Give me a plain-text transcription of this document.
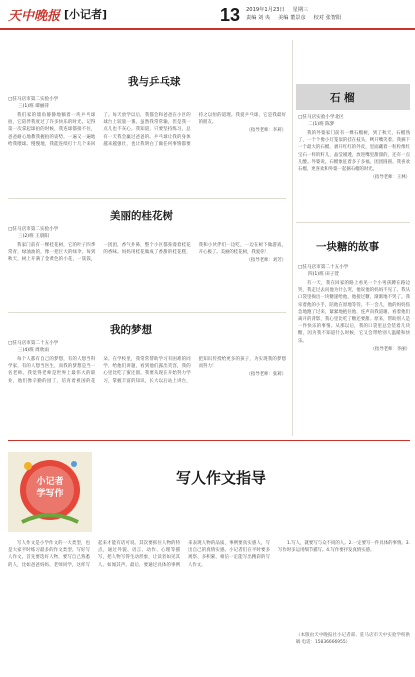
天中晚报 [小记者]	13 2019年1月23日 星期三
责编 刘 央 美编 董景彦 校对 张智阳
我与乒乓球
□驻马店市第二实验小学
三(1)班 谭丽萍

我们家的墙角静静地躺着一块乒乓球拍，它陪伴我度过了许多快乐的时光。记得第一次拿起球拍的时候，我连球都接不住，爸爸耐心地教我握拍的姿势，一遍又一遍地给我喂球。慢慢地，我能连续打十几个来回了。每天放学以后，我都会和爸爸在小区的球台上较量一番。虽然我常常输，但是我一点儿也不灰心。我知道，只要坚持练习，总有一天我会赢过爸爸的。乒乓球让我的身体越来越强壮，也让我明白了做任何事情都要持之以恒的道理。我爱乒乓球，它是我最好的朋友。

（指导老师：李莉）

美丽的桂花树
□驻马店市第二实验小学
三(2)班 王晨阳

我家门前有一棵桂花树，它的叶子四季常青，绿油油的，像一把巨大的绿伞。每到秋天，树上开满了金黄色的小花，一簇簇，一团团，香气扑鼻，整个小区都弥漫着桂花的香味。妈妈用桂花做成了香甜的桂花糕，我和小伙伴们一边吃，一边在树下做游戏，开心极了。美丽的桂花树，我爱你！

（指导老师：刘芳）

我的梦想
□驻马店市第二十五小学
三(4)班 周欣雨

每个人都有自己的梦想，有的人想当科学家，有的人想当医生，而我的梦想是当一名老师。我觉得老师是世界上最伟大的职业，他们像辛勤的园丁，培育着祖国的花朵。在学校里，我常常帮助学习有困难的同学，给他们讲题，看到他们露出笑容，我的心里比吃了蜜还甜。我要从现在开始努力学习，掌握丰富的知识，长大以后站上讲台，把知识传授给更多的孩子，为实现我的梦想而努力！

（指导老师：张莉）

石 榴
□驻马店实验小学北区
二(1)班 陈梦

我的外婆家门前有一棵石榴树，到了秋天，石榴熟了，一个个像小灯笼似的挂在枝头，咧开嘴笑着。我摘下一个最大的石榴，剥开红红的外皮，里面藏着一粒粒像红宝石一样的籽儿，晶莹剔透，放进嘴里甜甜的，还有一点儿酸。外婆说，石榴象征着多子多福，团团圆圆。我喜欢石榴，更喜欢和外婆一起摘石榴的时光。

（指导老师：王林）

一块糖的故事
□驻马店市第二十五小学
四(1)班 田子萱

有一天，我在回家的路上看见一个小男孩蹲在路边哭，我走过去问他为什么哭，他说他的妈妈不见了。我从口袋里掏出一块糖递给他，他接过糖，渐渐地不哭了。我牵着他的小手，陪他在原地等待。不一会儿，他的妈妈焦急地跑了过来，紧紧地抱住他，连声向我道谢。看着他们离开的背影，我心里比吃了糖还要甜。原来，帮助别人是一件快乐的事情。从那以后，我的口袋里总会装着几块糖，因为我不知道什么时候，它又会带给别人温暖和快乐。

（指导老师：李丽）

小记者
学写作
写人作文指导

写人作文是小学作文的一大类型，也是大家平时练习最多的作文类型。写好写人作文，首先要选好人物，要写自己熟悉的人，比如爸爸妈妈、老师同学，这样写起来才能有话可说。其次要抓住人物的特点，通过外貌、语言、动作、心理等描写，把人物写得生动形象，让读者如见其人、如闻其声。最后，要通过具体的事例来表现人物的品质，事例要真实感人，写出自己的真情实感。小记者们在平时要多观察、多积累，相信一定能写出精彩的写人作文。

1.写人，就要写与众不同的人。2.一定要写一件具体的事情。3.写作时多运用细节描写。4.写作要抒发真情实感。

（本版由天中晚报社小记者部、驻马店市天中实验学校供稿 电话：15836666955）
